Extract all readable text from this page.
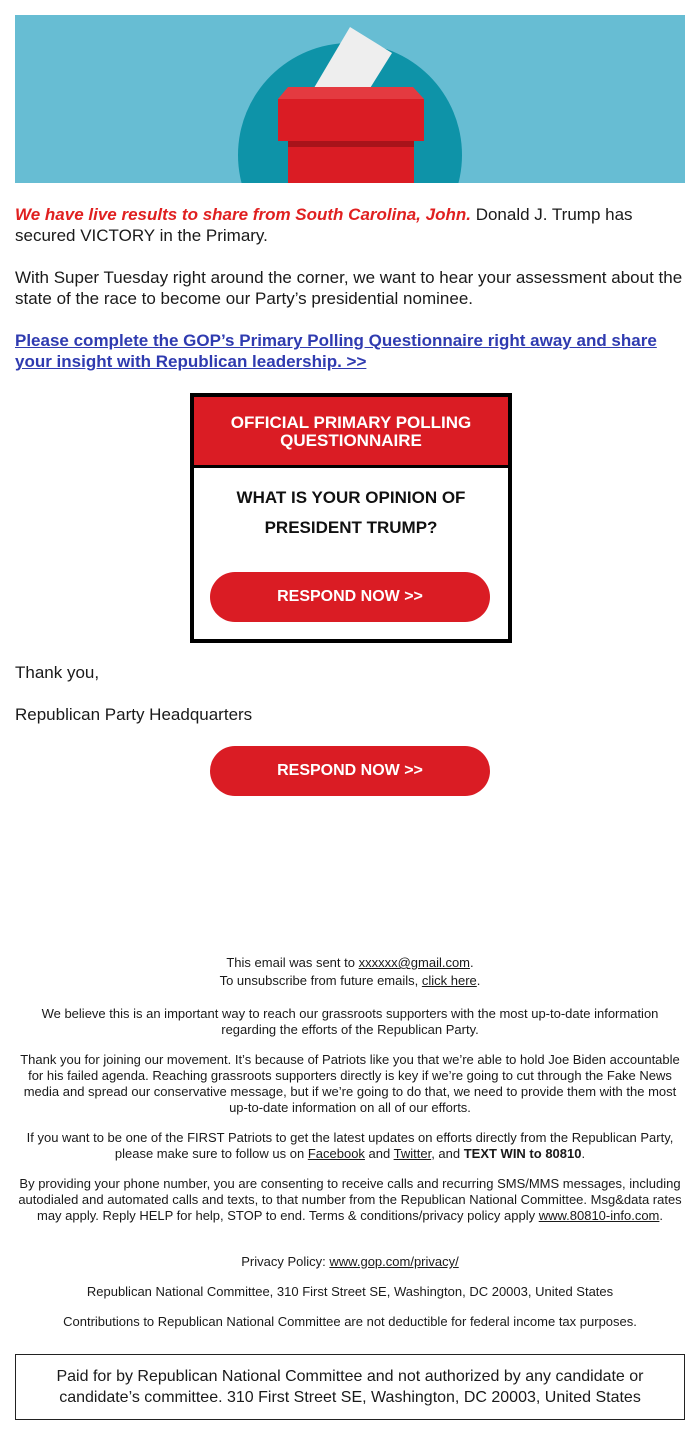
We have live results to share from South Carolina, John. Donald J. Trump has secured VICTORY in the Primary.

With Super Tuesday right around the corner, we want to hear your assessment about the state of the race to become our Party’s presidential nominee.

Please complete the GOP’s Primary Polling Questionnaire right away and share your insight with Republican leadership. >>

OFFICIAL PRIMARY POLLING QUESTIONNAIRE
WHAT IS YOUR OPINION OF PRESIDENT TRUMP?
RESPOND NOW >>

Thank you,

Republican Party Headquarters

RESPOND NOW >>

This email was sent to xxxxxx@gmail.com.

To unsubscribe from future emails, click here.

We believe this is an important way to reach our grassroots supporters with the most up-to-date information regarding the efforts of the Republican Party.

Thank you for joining our movement. It’s because of Patriots like you that we’re able to hold Joe Biden accountable for his failed agenda. Reaching grassroots supporters directly is key if we’re going to cut through the Fake News media and spread our conservative message, but if we’re going to do that, we need to provide them with the most up-to-date information on all of our efforts.

If you want to be one of the FIRST Patriots to get the latest updates on efforts directly from the Republican Party, please make sure to follow us on Facebook and Twitter, and TEXT WIN to 80810.

By providing your phone number, you are consenting to receive calls and recurring SMS/MMS messages, including autodialed and automated calls and texts, to that number from the Republican National Committee. Msg&data rates may apply. Reply HELP for help, STOP to end. Terms & conditions/privacy policy apply www.80810-info.com.

Privacy Policy: www.gop.com/privacy/

Republican National Committee, 310 First Street SE, Washington, DC 20003, United States

Contributions to Republican National Committee are not deductible for federal income tax purposes.

Paid for by Republican National Committee and not authorized by any candidate or
candidate’s committee. 310 First Street SE, Washington, DC 20003, United States
